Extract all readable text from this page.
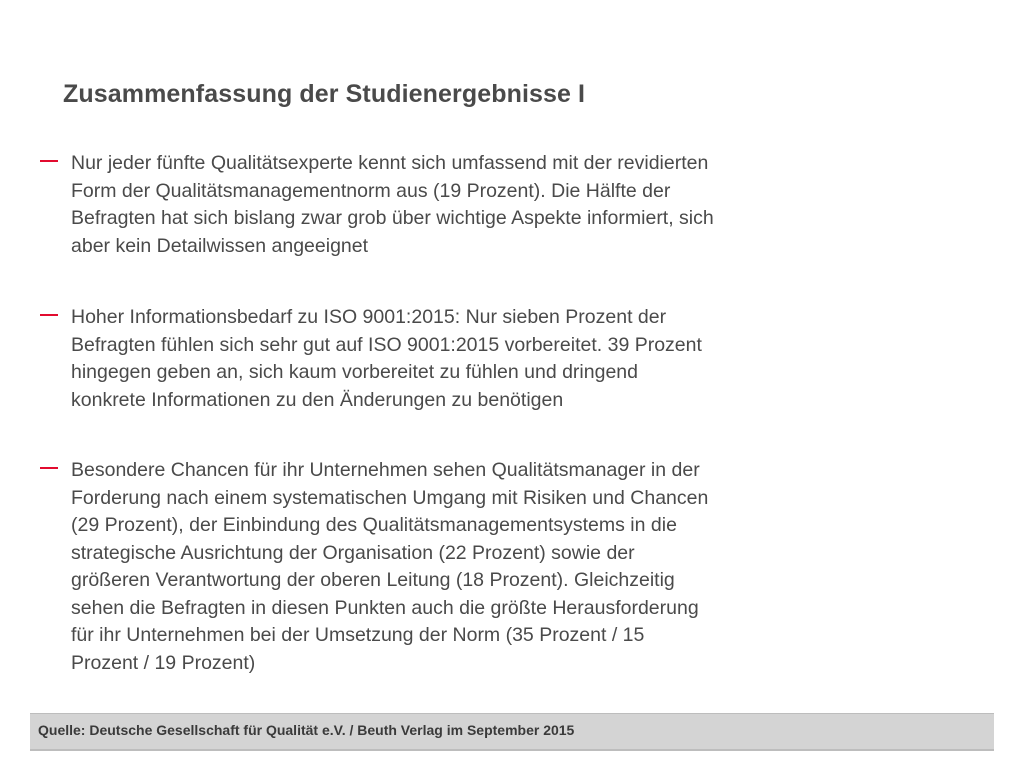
Zusammenfassung der Studienergebnisse I
Nur jeder fünfte Qualitätsexperte kennt sich umfassend mit der revidierten
Form der Qualitätsmanagementnorm aus (19 Prozent). Die Hälfte der
Befragten hat sich bislang zwar grob über wichtige Aspekte informiert, sich
aber kein Detailwissen angeeignet
Hoher Informationsbedarf zu ISO 9001:2015: Nur sieben Prozent der
Befragten fühlen sich sehr gut auf ISO 9001:2015 vorbereitet. 39 Prozent
hingegen geben an, sich kaum vorbereitet zu fühlen und dringend
konkrete Informationen zu den Änderungen zu benötigen
Besondere Chancen für ihr Unternehmen sehen Qualitätsmanager in der
Forderung nach einem systematischen Umgang mit Risiken und Chancen
(29 Prozent), der Einbindung des Qualitätsmanagementsystems in die
strategische Ausrichtung der Organisation (22 Prozent) sowie der
größeren Verantwortung der oberen Leitung (18 Prozent). Gleichzeitig
sehen die Befragten in diesen Punkten auch die größte Herausforderung
für ihr Unternehmen bei der Umsetzung der Norm (35 Prozent / 15
Prozent / 19 Prozent)
Quelle: Deutsche Gesellschaft für Qualität e.V. / Beuth Verlag im September 2015
